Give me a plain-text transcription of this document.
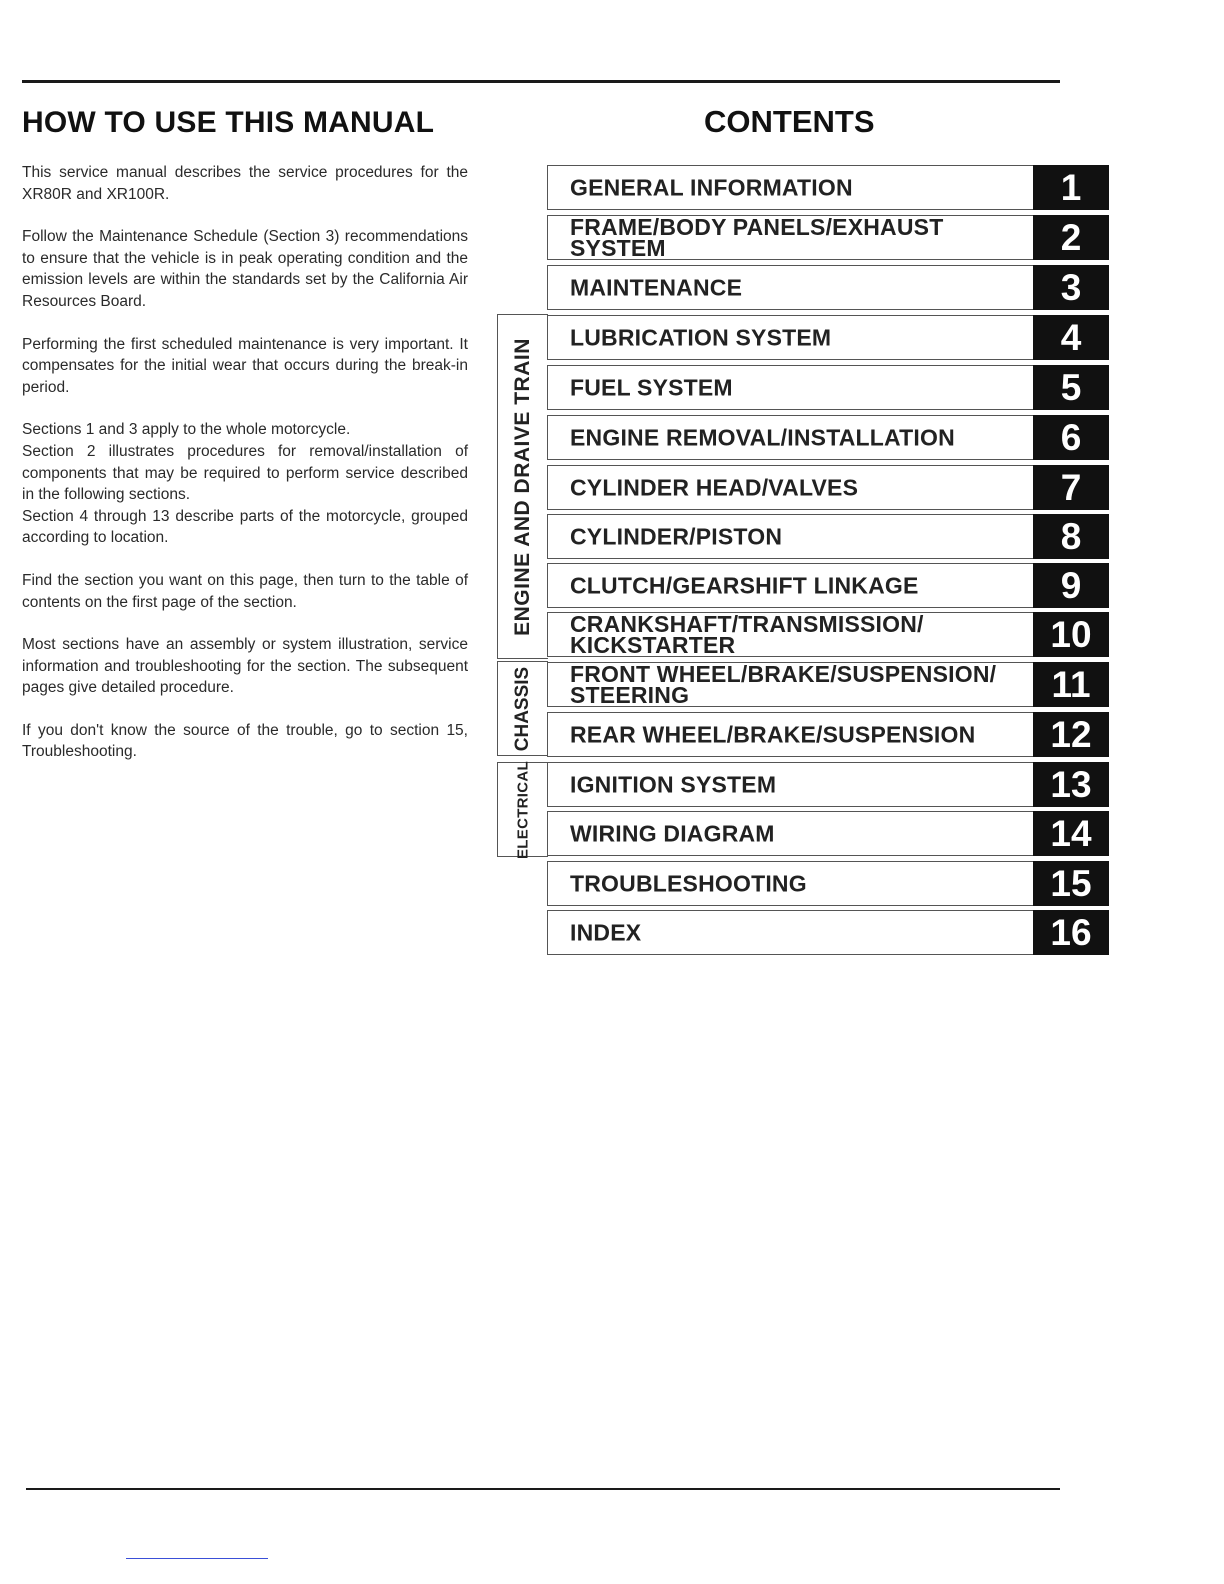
HOW TO USE THIS MANUAL

This service manual describes the service procedures for the XR80R and XR100R.

Follow the Maintenance Schedule (Section 3) recommendations to ensure that the vehicle is in peak operating condition and the emission levels are within the standards set by the California Air Resources Board.

Performing the first scheduled maintenance is very important. It compensates for the initial wear that occurs during the break-in period.

Sections 1 and 3 apply to the whole motorcycle.

Section 2 illustrates procedures for removal/installation of components that may be required to perform service described in the following sections.

Section 4 through 13 describe parts of the motorcycle, grouped according to location.

Find the section you want on this page, then turn to the table of contents on the first page of the section.

Most sections have an assembly or system illustration, service information and troubleshooting for the section. The subsequent pages give detailed procedure.

If you don't know the source of the trouble, go to section 15, Troubleshooting.

CONTENTS
ENGINE AND DRAIVE TRAIN
CHASSIS
ELECTRICAL
GENERAL INFORMATION	1
FRAME/BODY PANELS/EXHAUST
SYSTEM	2
MAINTENANCE	3
LUBRICATION SYSTEM	4
FUEL SYSTEM	5
ENGINE REMOVAL/INSTALLATION	6
CYLINDER HEAD/VALVES	7
CYLINDER/PISTON	8
CLUTCH/GEARSHIFT LINKAGE	9
CRANKSHAFT/TRANSMISSION/
KICKSTARTER	10
FRONT WHEEL/BRAKE/SUSPENSION/
STEERING	11
REAR WHEEL/BRAKE/SUSPENSION	12
IGNITION SYSTEM	13
WIRING DIAGRAM	14
TROUBLESHOOTING	15
INDEX	16
